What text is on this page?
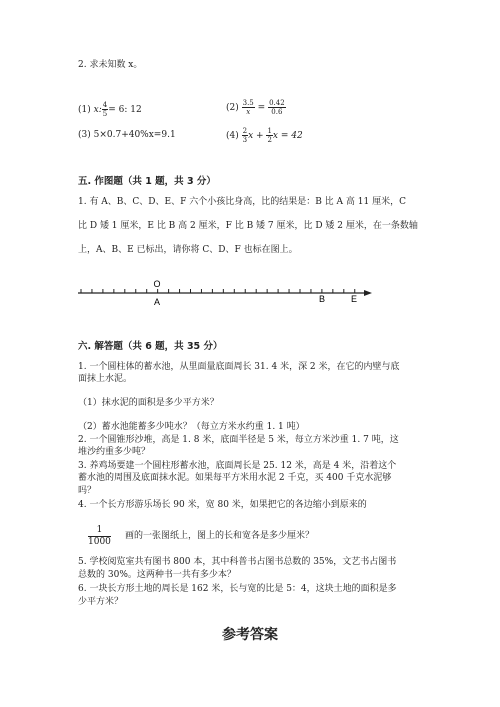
2. 求未知数 x。
(1) x: $\frac{4}{5} = 6$: 12	$(2) \frac{3.5}{x} = \frac{0.42}{0.6}$
(3) 5×0.7+40%x=9.1	$(4) \frac{2}{3}$ $x + \frac{1}{2}$ x = 42
五. 作图题（共 1 题，共 3 分）
1. 有 A、B、C、D、E、F 六个小孩比身高，比的结果是：B 比 A 高 11 厘米，C
比 D 矮 1 厘米，E 比 B 高 2 厘米，F 比 B 矮 7 厘米，比 D 矮 2 厘米，在一条数轴
上，A、B、E 已标出，请你将 C、D、F 也标在图上。
O
A	B	E
六. 解答题（共 6 题，共 35 分）
1. 一个圆柱体的蓄水池，从里面量底面周长 31. 4 米，深 2 米，在它的内壁与底
面抹上水泥。
（1）抹水泥的面积是多少平方米？
（2）蓄水池能蓄多少吨水？（每立方米水约重 1. 1 吨）
2. 一个圆锥形沙堆，高是 1. 8 米，底面半径是 5 米，每立方米沙重 1. 7 吨，这
堆沙约重多少吨？
3. 养鸡场要建一个圆柱形蓄水池，底面周长是 25. 12 米，高是 4 米，沿着这个
蓄水池的周围及底面抹水泥。如果每平方米用水泥 2 千克，买 400 千克水泥够
吗？
4. 一个长方形游乐场长 90 米，宽 80 米，如果把它的各边缩小到原来的
$\frac{1}{1000}$ 画的一张图纸上，图上的长和宽各是多少厘米？
5. 学校阅览室共有图书 800 本，其中科普书占图书总数的 35%，文艺书占图书
总数的 30%。这两种书一共有多少本？
6. 一块长方形土地的周长是 162 米，长与宽的比是 5：4，这块土地的面积是多
少平方米？
参考答案
